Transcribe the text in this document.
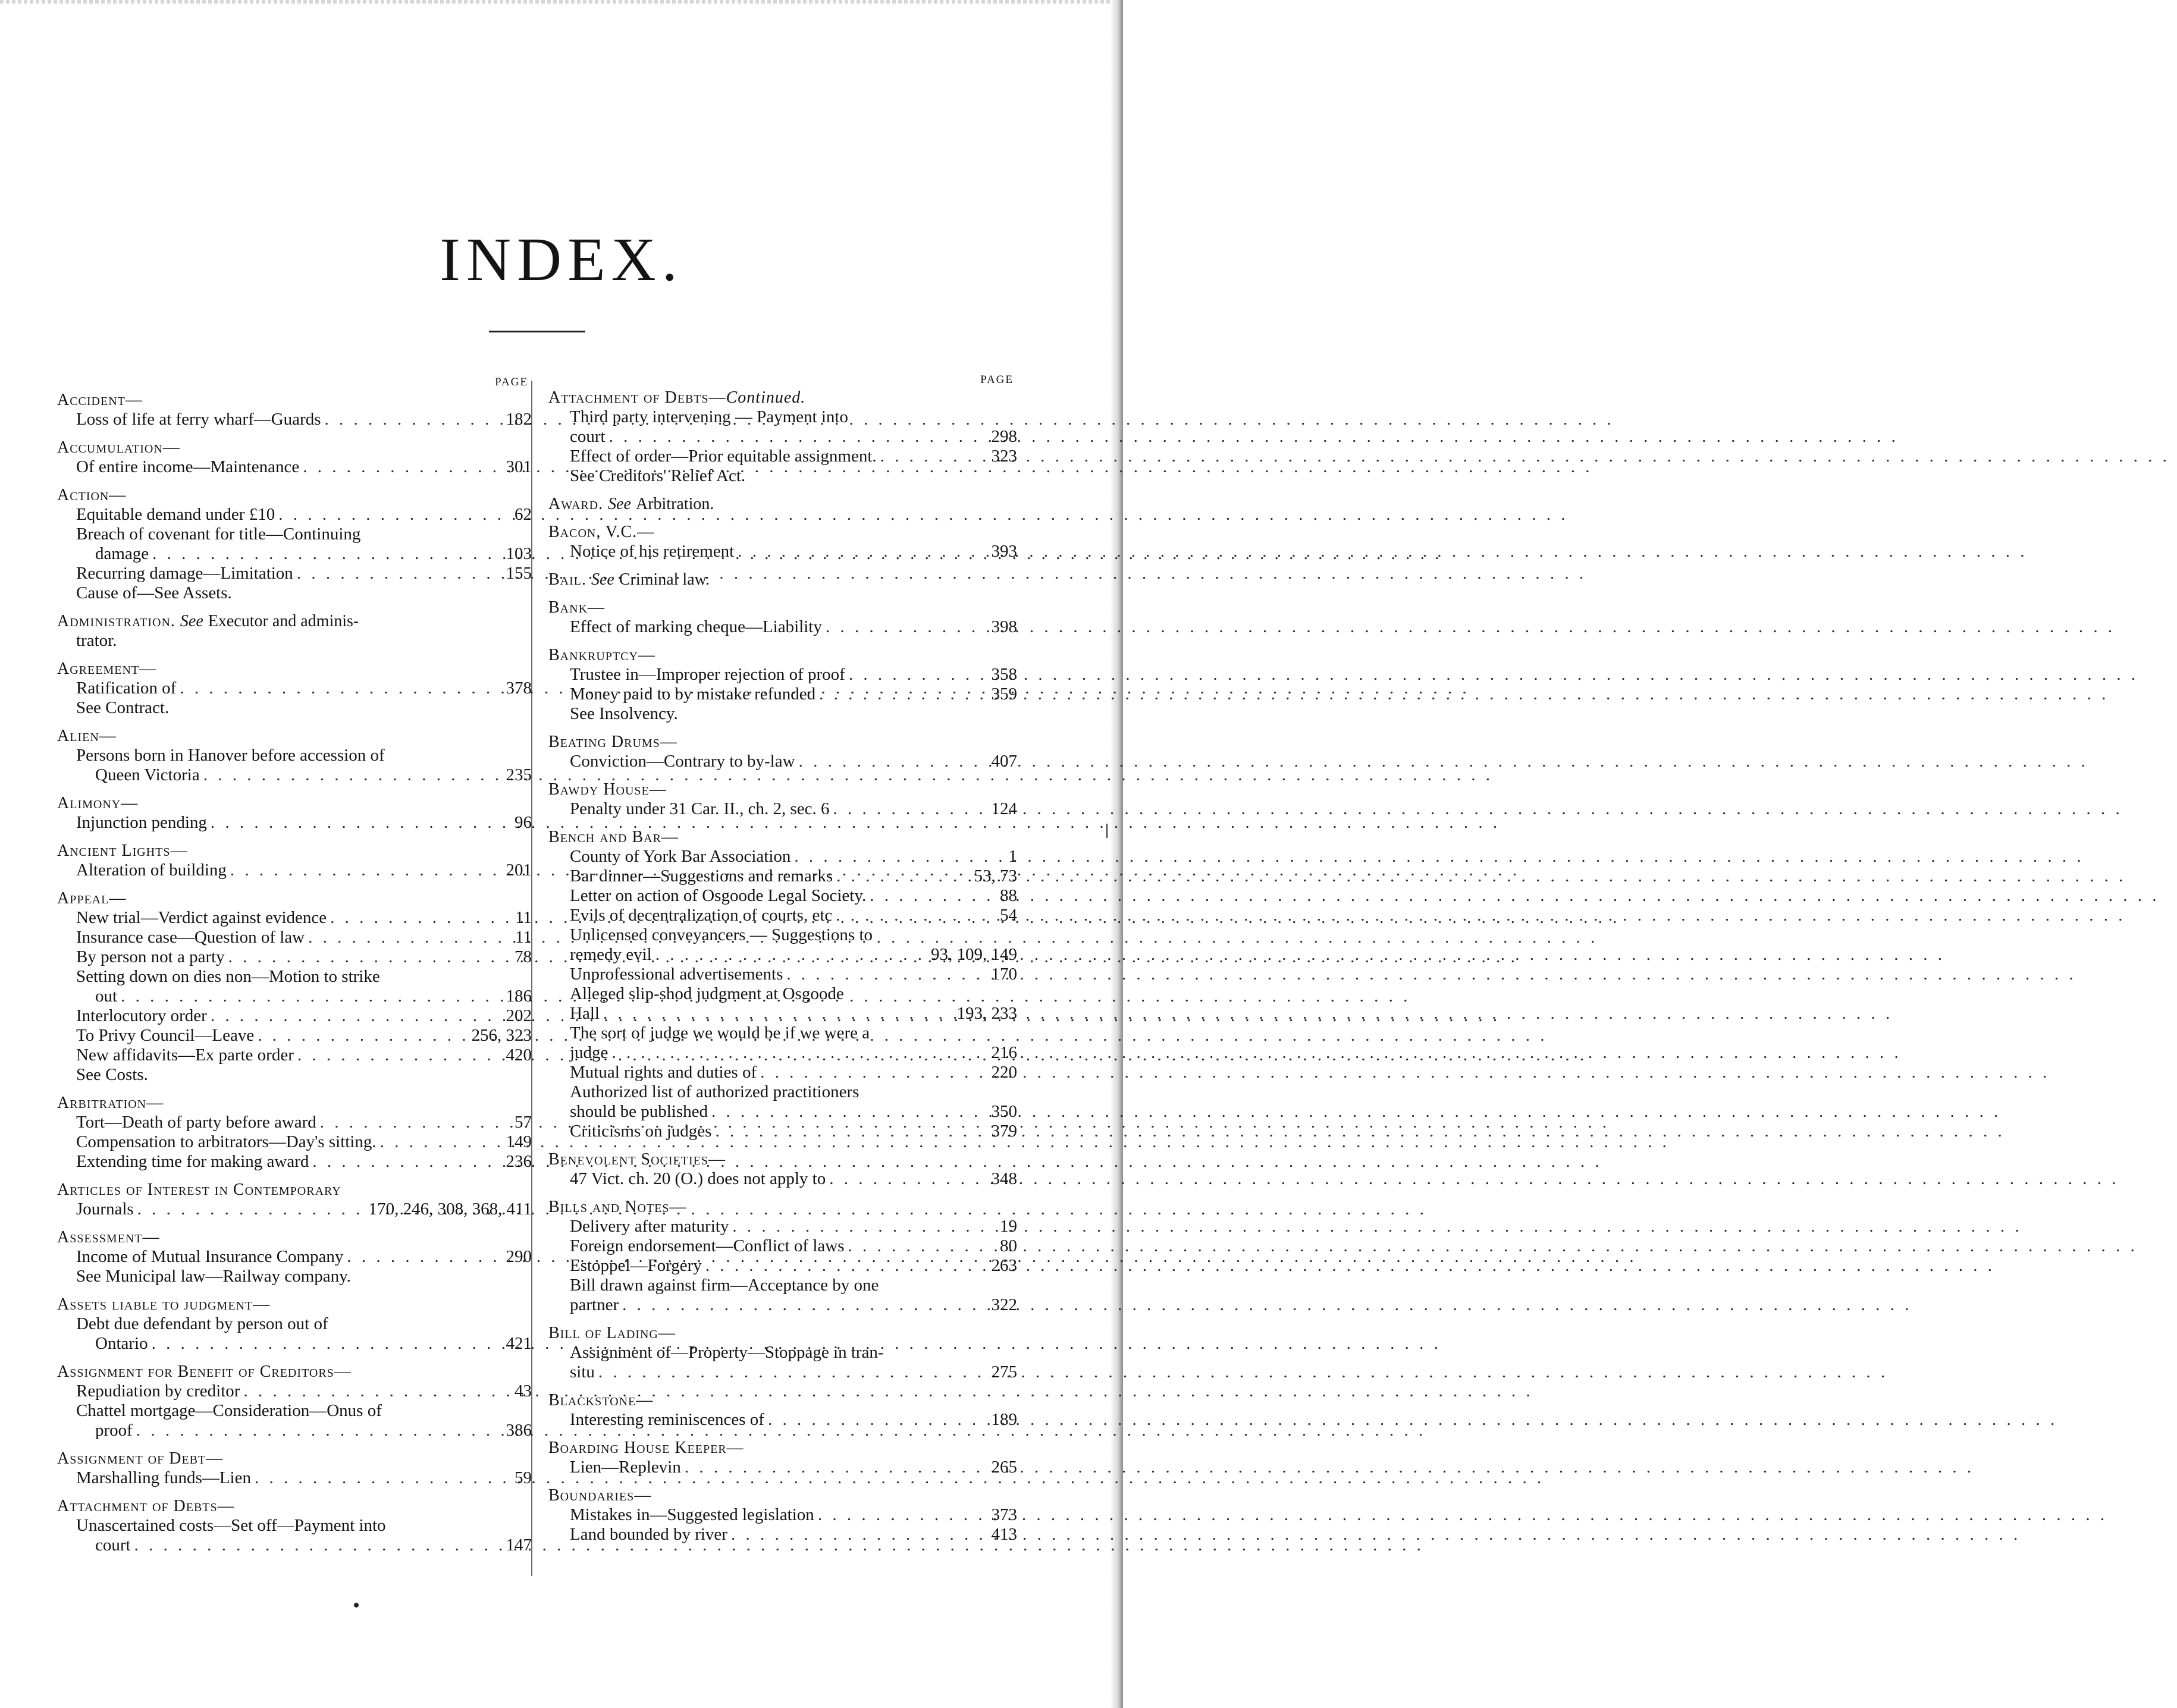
INDEX.
PAGE
Accident—
Loss of life at ferry wharf—Guards . . .	182
Accumulation—
Of entire income—Maintenance . . .	301
Action—
Equitable demand under £10 . . .	62
Breach of covenant for title—Continuing
damage . . .	103
Recurring damage—Limitation . . .	155
Cause of—See Assets.
Administration. See Executor and adminis-
trator.
Agreement—
Ratification of . . .	378
See Contract.
Alien—
Persons born in Hanover before accession of
Queen Victoria . . .	235
Alimony—
Injunction pending . . .	96
Ancient Lights—
Alteration of building . . .	201
Appeal—
New trial—Verdict against evidence . . .	11
Insurance case—Question of law . . .	11
By person not a party . . .	78
Setting down on dies non—Motion to strike
out . . .	186
Interlocutory order . . .	202
To Privy Council—Leave . . .	256, 323
New affidavits—Ex parte order . . .	420
See Costs.
Arbitration—
Tort—Death of party before award . . .	57
Compensation to arbitrators—Day's sitting. . . .	149
Extending time for making award . . .	236
Articles of Interest in Contemporary
Journals . . .	170, 246, 308, 368, 411
Assessment—
Income of Mutual Insurance Company . . .	290
See Municipal law—Railway company.
Assets liable to judgment—
Debt due defendant by person out of
Ontario . . .	421
Assignment for Benefit of Creditors—
Repudiation by creditor . . .	43
Chattel mortgage—Consideration—Onus of
proof . . .	386
Assignment of Debt—
Marshalling funds—Lien . . .	59
Attachment of Debts—
Unascertained costs—Set off—Payment into
court . . .	147
PAGE
Attachment of Debts—Continued.
Third party intervening — Payment into
court . . .	298
Effect of order—Prior equitable assignment. . . .	323
See Creditors' Relief Act.
Award. See Arbitration.
Bacon, V.C.—
Notice of his retirement . . .	393
Bail. See Criminal law.
Bank—
Effect of marking cheque—Liability . . .	398
Bankruptcy—
Trustee in—Improper rejection of proof . . .	358
Money paid to by mistake refunded . . .	359
See Insolvency.
Beating Drums—
Conviction—Contrary to by-law . . .	407
Bawdy House—
Penalty under 31 Car. II., ch. 2, sec. 6 . . .	124
Bench and Bar—
County of York Bar Association . . .	1
Bar dinner—Suggestions and remarks . . .	53, 73
Letter on action of Osgoode Legal Society. . . .	88
Evils of decentralization of courts, etc . . .	54
Unlicensed conveyancers — Suggestions to
remedy evil . . .	93, 109, 149
Unprofessional advertisements . . .	170
Alleged slip-shod judgment at Osgoode
Hall . . .	193, 233
The sort of judge we would be if we were a
judge . . .	216
Mutual rights and duties of . . .	220
Authorized list of authorized practitioners
should be published . . .	350
Criticisms on judges . . .	379
Benevolent Societies—
47 Vict. ch. 20 (O.) does not apply to . . .	348
Bills and Notes—
Delivery after maturity . . .	19
Foreign endorsement—Conflict of laws . . .	80
Estoppel—Forgery . . .	263
Bill drawn against firm—Acceptance by one
partner . . .	322
Bill of Lading—
Assignment of—Property—Stoppage in tran-
situ . . .	275
Blackstone—
Interesting reminiscences of . . .	189
Boarding House Keeper—
Lien—Replevin . . .	265
Boundaries—
Mistakes in—Suggested legislation . . .	373
Land bounded by river . . .	413
